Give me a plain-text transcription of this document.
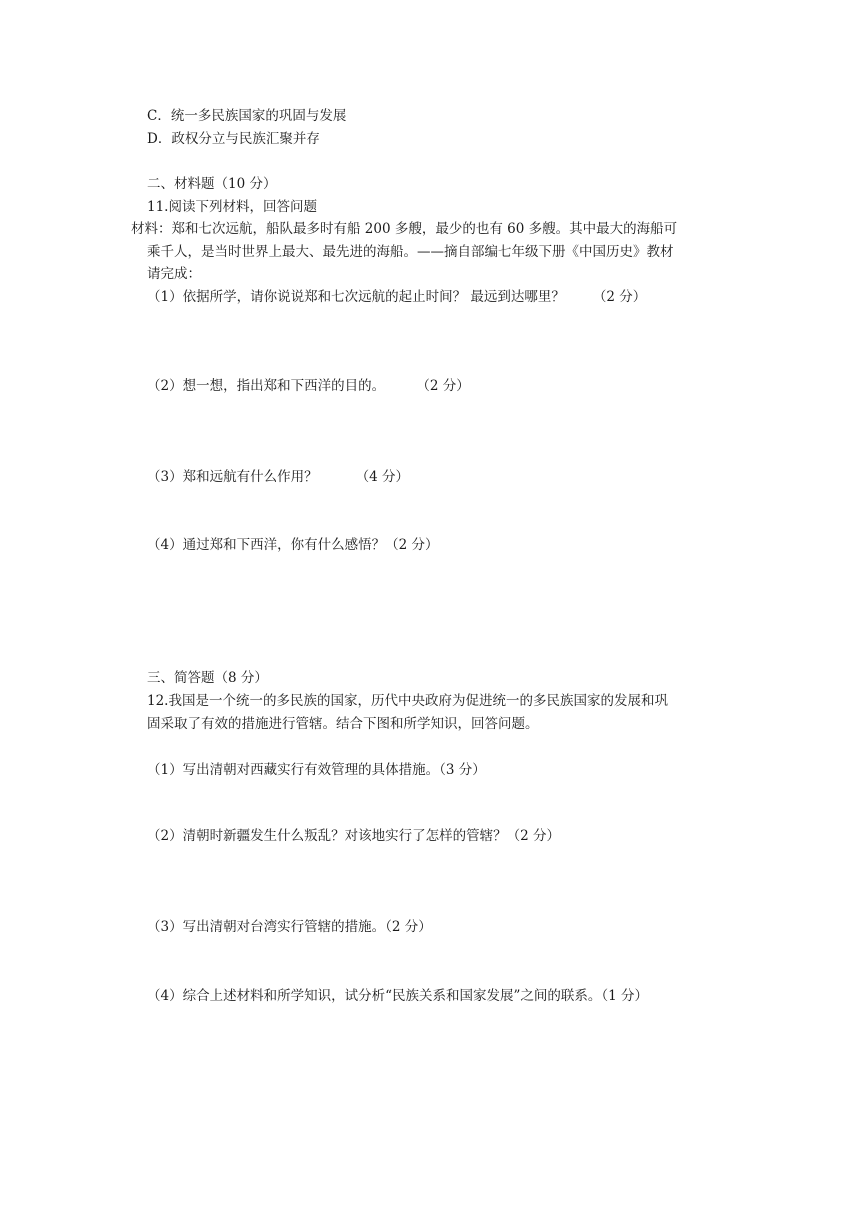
C．统一多民族国家的巩固与发展
D．政权分立与民族汇聚并存
二、材料题（10 分）
11.阅读下列材料，回答问题
材料：郑和七次远航，船队最多时有船 200 多艘，最少的也有 60 多艘。其中最大的海船可
乘千人，是当时世界上最大、最先进的海船。——摘自部编七年级下册《中国历史》教材
请完成：
（1）依据所学，请你说说郑和七次远航的起止时间？ 最远到达哪里？ （2 分）
（2）想一想，指出郑和下西洋的目的。	（2 分）
（3）郑和远航有什么作用？	（4 分）
（4）通过郑和下西洋，你有什么感悟？（2 分）
三、简答题（8 分）
12.我国是一个统一的多民族的国家，历代中央政府为促进统一的多民族国家的发展和巩
固采取了有效的措施进行管辖。结合下图和所学知识，回答问题。
（1）写出清朝对西藏实行有效管理的具体措施。（3 分）
（2）清朝时新疆发生什么叛乱？对该地实行了怎样的管辖？（2 分）
（3）写出清朝对台湾实行管辖的措施。（2 分）
（4）综合上述材料和所学知识，试分析“民族关系和国家发展”之间的联系。（1 分）
